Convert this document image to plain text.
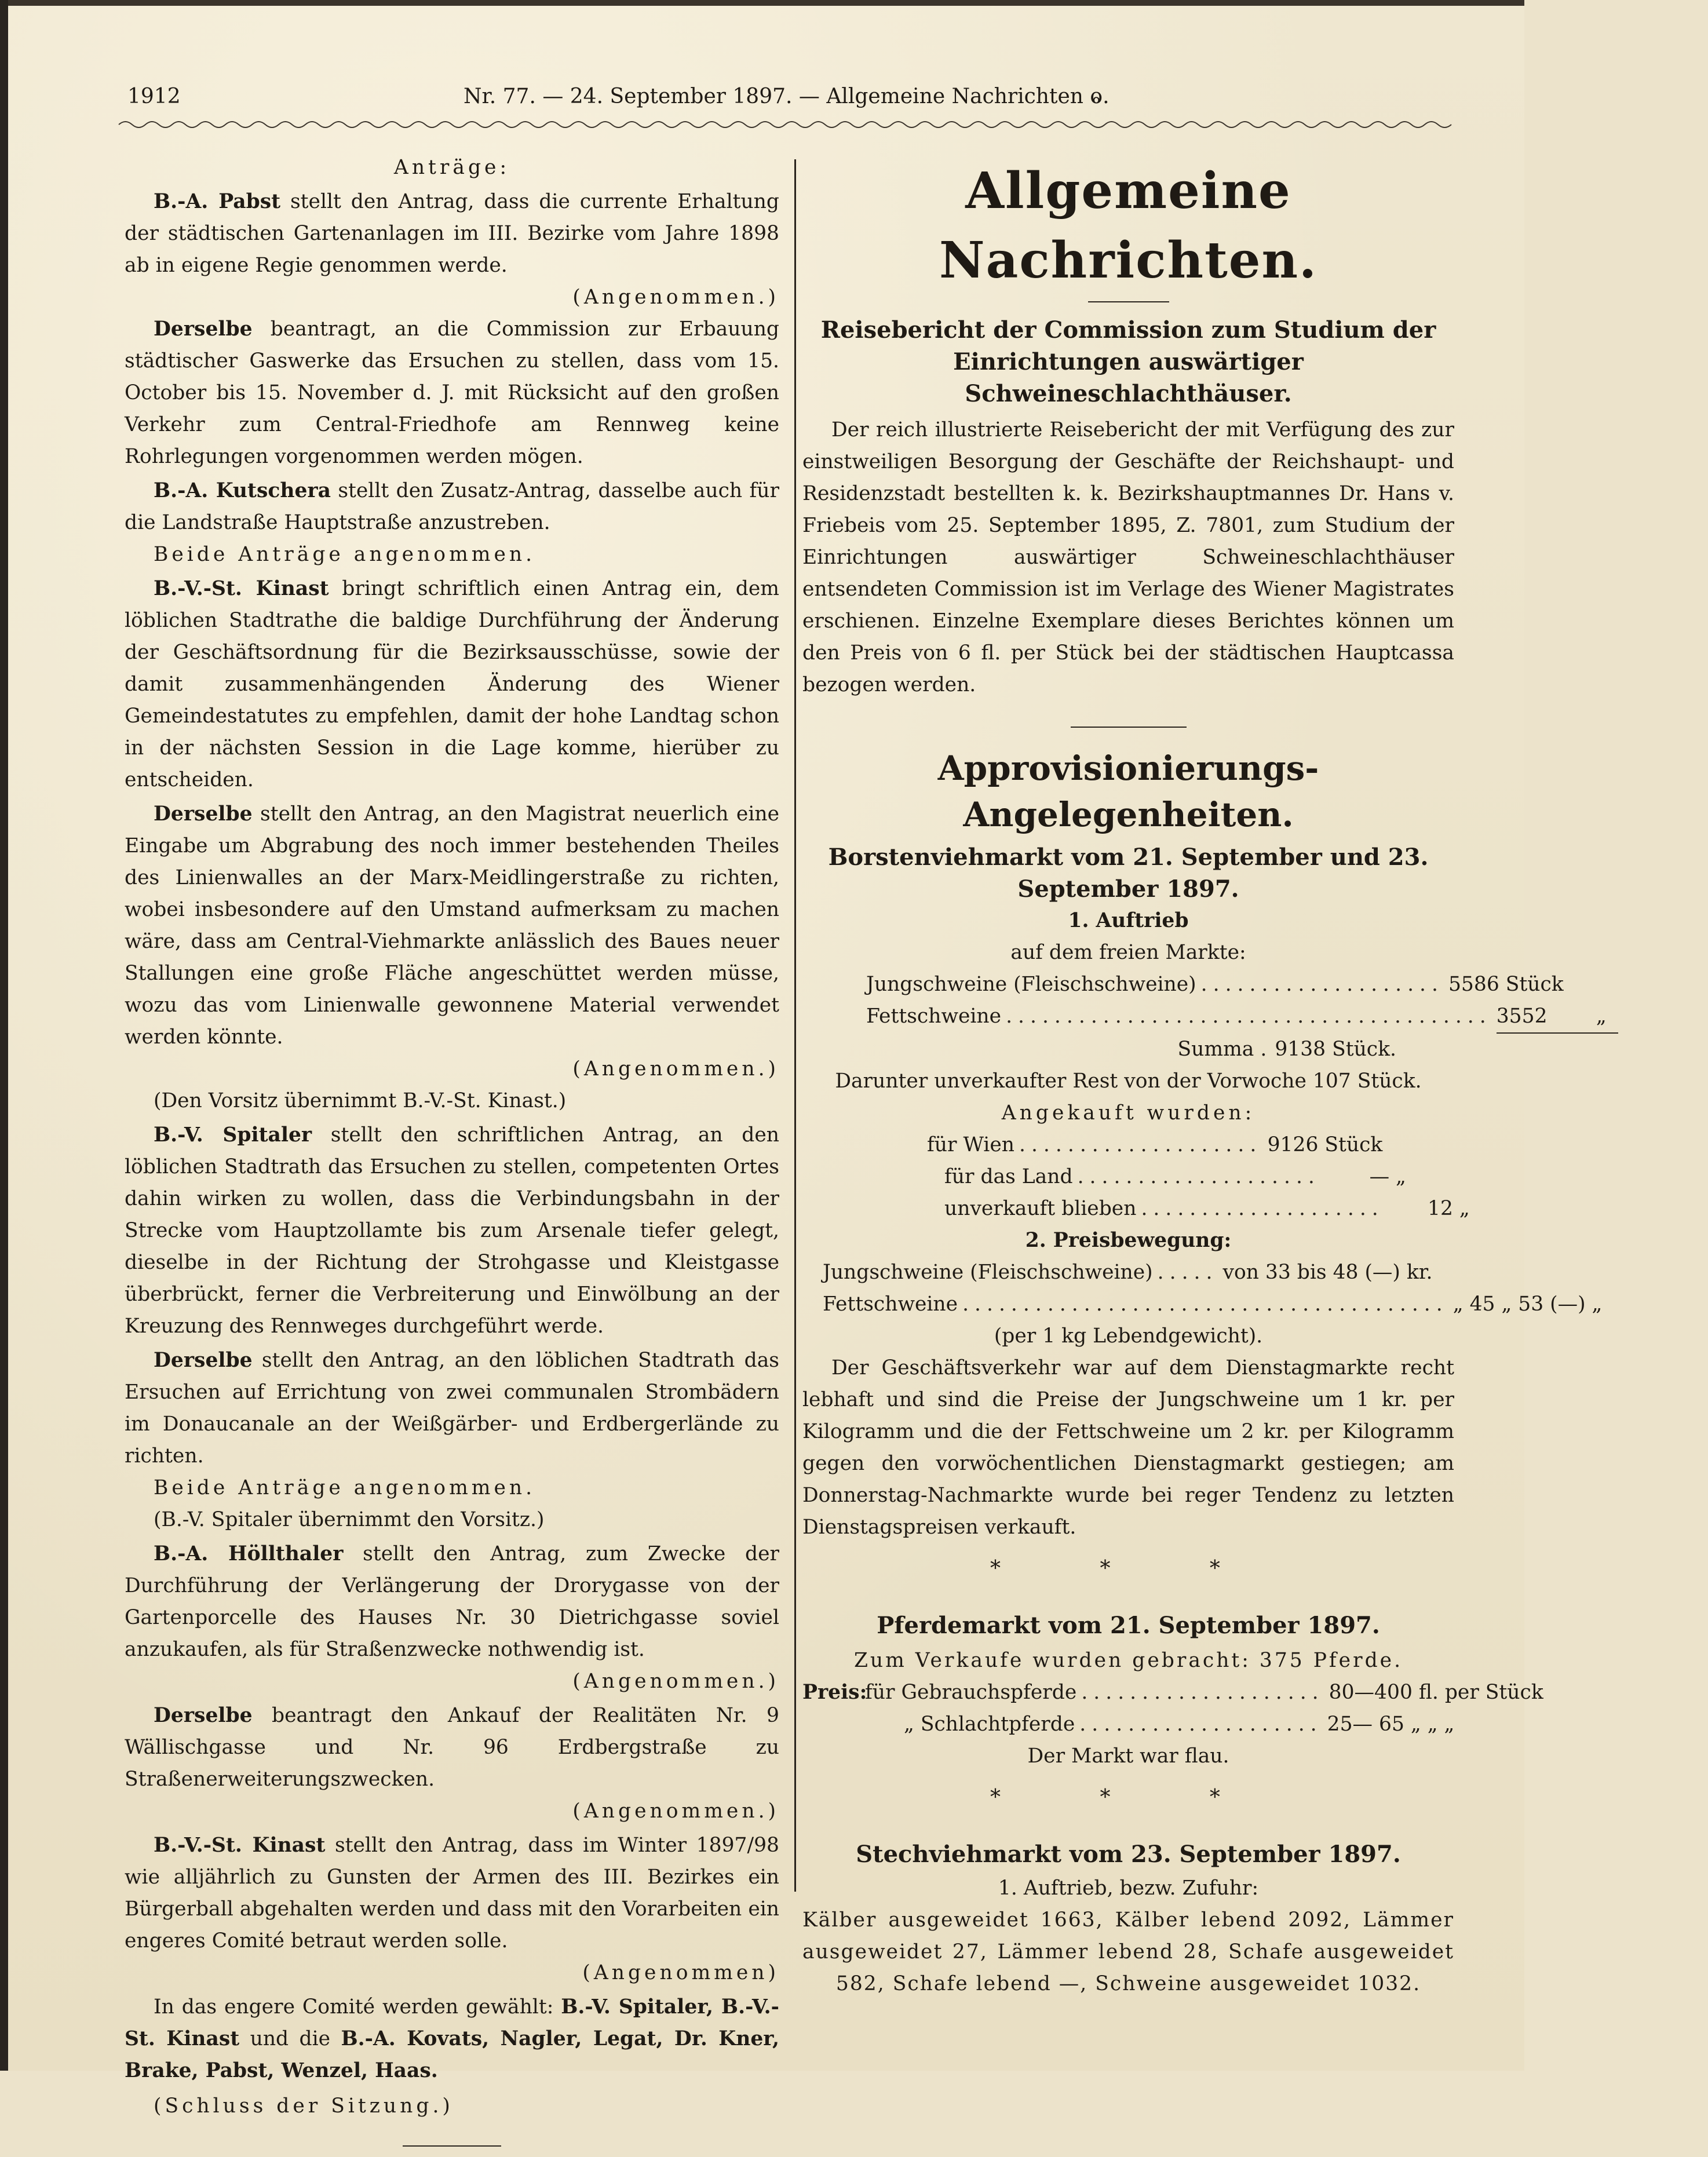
1912	Nr. 77. — 24. September 1897. — Allgemeine Nachrichten ⱺ.

Anträge:

B.-A. Pabst stellt den Antrag, dass die currente Erhaltung der städtischen Gartenanlagen im III. Bezirke vom Jahre 1898 ab in eigene Regie genommen werde.

(Angenommen.)

Derselbe beantragt, an die Commission zur Erbauung städtischer Gaswerke das Ersuchen zu stellen, dass vom 15. October bis 15. November d. J. mit Rücksicht auf den großen Verkehr zum Central-Friedhofe am Rennweg keine Rohrlegungen vorgenommen werden mögen.

B.-A. Kutschera stellt den Zusatz-Antrag, dasselbe auch für die Landstraße Hauptstraße anzustreben.

Beide Anträge angenommen.

B.-V.-St. Kinast bringt schriftlich einen Antrag ein, dem löblichen Stadtrathe die baldige Durchführung der Änderung der Geschäftsordnung für die Bezirksausschüsse, sowie der damit zusammenhängenden Änderung des Wiener Gemeindestatutes zu empfehlen, damit der hohe Landtag schon in der nächsten Session in die Lage komme, hierüber zu entscheiden.

Derselbe stellt den Antrag, an den Magistrat neuerlich eine Eingabe um Abgrabung des noch immer bestehenden Theiles des Linienwalles an der Marx-Meidlingerstraße zu richten, wobei insbesondere auf den Umstand aufmerksam zu machen wäre, dass am Central-Viehmarkte anlässlich des Baues neuer Stallungen eine große Fläche angeschüttet werden müsse, wozu das vom Linienwalle gewonnene Material verwendet werden könnte.

(Angenommen.)

(Den Vorsitz übernimmt B.-V.-St. Kinast.)

B.-V. Spitaler stellt den schriftlichen Antrag, an den löblichen Stadtrath das Ersuchen zu stellen, competenten Ortes dahin wirken zu wollen, dass die Verbindungsbahn in der Strecke vom Hauptzollamte bis zum Arsenale tiefer gelegt, dieselbe in der Richtung der Strohgasse und Kleistgasse überbrückt, ferner die Verbreiterung und Einwölbung an der Kreuzung des Rennweges durchgeführt werde.

Derselbe stellt den Antrag, an den löblichen Stadtrath das Ersuchen auf Errichtung von zwei communalen Strombädern im Donaucanale an der Weißgärber- und Erdbergerlände zu richten.

Beide Anträge angenommen.

(B.-V. Spitaler übernimmt den Vorsitz.)

B.-A. Höllthaler stellt den Antrag, zum Zwecke der Durchführung der Verlängerung der Drorygasse von der Gartenporcelle des Hauses Nr. 30 Dietrichgasse soviel anzukaufen, als für Straßenzwecke nothwendig ist.

(Angenommen.)

Derselbe beantragt den Ankauf der Realitäten Nr. 9 Wällischgasse und Nr. 96 Erdbergstraße zu Straßenerweiterungszwecken.

(Angenommen.)

B.-V.-St. Kinast stellt den Antrag, dass im Winter 1897/98 wie alljährlich zu Gunsten der Armen des III. Bezirkes ein Bürgerball abgehalten werden und dass mit den Vorarbeiten ein engeres Comité betraut werden solle.

(Angenommen)

In das engere Comité werden gewählt: B.-V. Spitaler, B.-V.-St. Kinast und die B.-A. Kovats, Nagler, Legat, Dr. Kner, Brake, Pabst, Wenzel, Haas.

(Schluss der Sitzung.)

Allgemeine Nachrichten.

Reisebericht der Commission zum Studium der Einrichtungen auswärtiger Schweineschlachthäuser.

Der reich illustrierte Reisebericht der mit Verfügung des zur einstweiligen Besorgung der Geschäfte der Reichshaupt- und Residenzstadt bestellten k. k. Bezirkshauptmannes Dr. Hans v. Friebeis vom 25. September 1895, Z. 7801, zum Studium der Einrichtungen auswärtiger Schweineschlachthäuser entsendeten Commission ist im Verlage des Wiener Magistrates erschienen. Einzelne Exemplare dieses Berichtes können um den Preis von 6 fl. per Stück bei der städtischen Hauptcassa bezogen werden.

Approvisionierungs-Angelegenheiten.

Borstenviehmarkt vom 21. September und 23. September 1897.

1. Auftrieb

auf dem freien Markte:

Jungschweine (Fleischschweine) .................... 5586 Stück
Fettschweine ........................................ 3552 „
Summa . 9138 Stück.

Darunter unverkaufter Rest von der Vorwoche 107 Stück.

Angekauft wurden:

für Wien .................... 9126 Stück
für das Land ....................	— „
unverkauft blieben ....................	12 „

2. Preisbewegung:

Jungschweine (Fleischschweine) ..... von 33 bis 48 (—) kr.
Fettschweine ........................................ „ 45 „ 53 (—) „

(per 1 kg Lebendgewicht).

Der Geschäftsverkehr war auf dem Dienstagmarkte recht lebhaft und sind die Preise der Jungschweine um 1 kr. per Kilogramm und die der Fettschweine um 2 kr. per Kilogramm gegen den vorwöchentlichen Dienstagmarkt gestiegen; am Donnerstag-Nachmarkte wurde bei reger Tendenz zu letzten Dienstagspreisen verkauft.

* * *

Pferdemarkt vom 21. September 1897.

Zum Verkaufe wurden gebracht: 375 Pferde.

Preis:
für Gebrauchspferde .................... 80—400 fl. per Stück
„ Schlachtpferde .................... 25— 65 „ „ „

Der Markt war flau.

* * *

Stechviehmarkt vom 23. September 1897.

1. Auftrieb, bezw. Zufuhr:

Kälber ausgeweidet 1663, Kälber lebend 2092, Lämmer ausgeweidet 27, Lämmer lebend 28, Schafe ausgeweidet 582, Schafe lebend —, Schweine ausgeweidet 1032.
